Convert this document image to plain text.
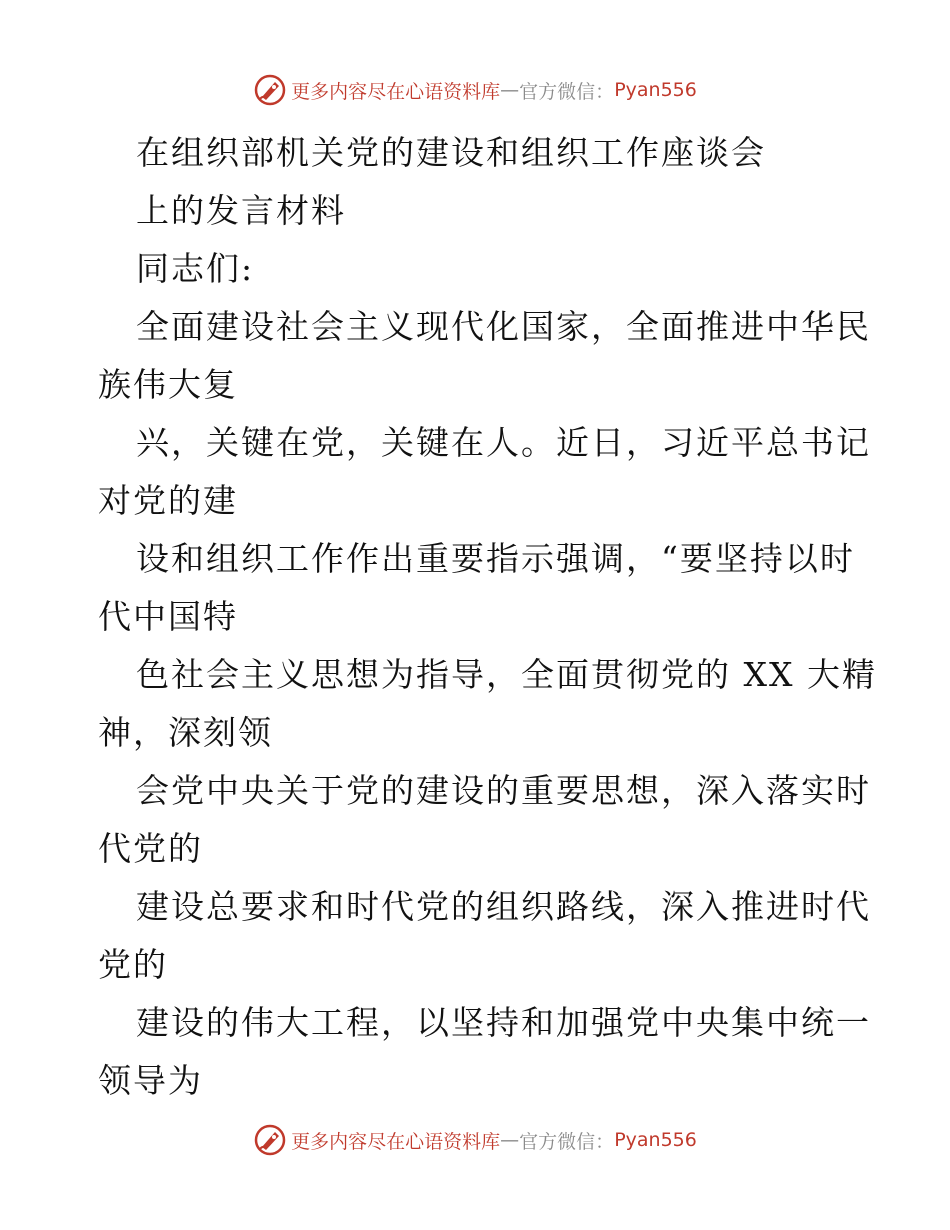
更多内容尽在心语资料库 — 官方微信： Pyan556
在组织部机关党的建设和组织工作座谈会
上的发言材料
同志们:
全面建设社会主义现代化国家，全面推进中华民
族伟大复
兴，关键在党，关键在人。近日，习近平总书记
对党的建
设和组织工作作出重要指示强调，“要坚持以时
代中国特
色社会主义思想为指导，全面贯彻党的 XX 大精
神，深刻领
会党中央关于党的建设的重要思想，深入落实时
代党的
建设总要求和时代党的组织路线，深入推进时代
党的
建设的伟大工程，以坚持和加强党中央集中统一
领导为
更多内容尽在心语资料库 — 官方微信： Pyan556
